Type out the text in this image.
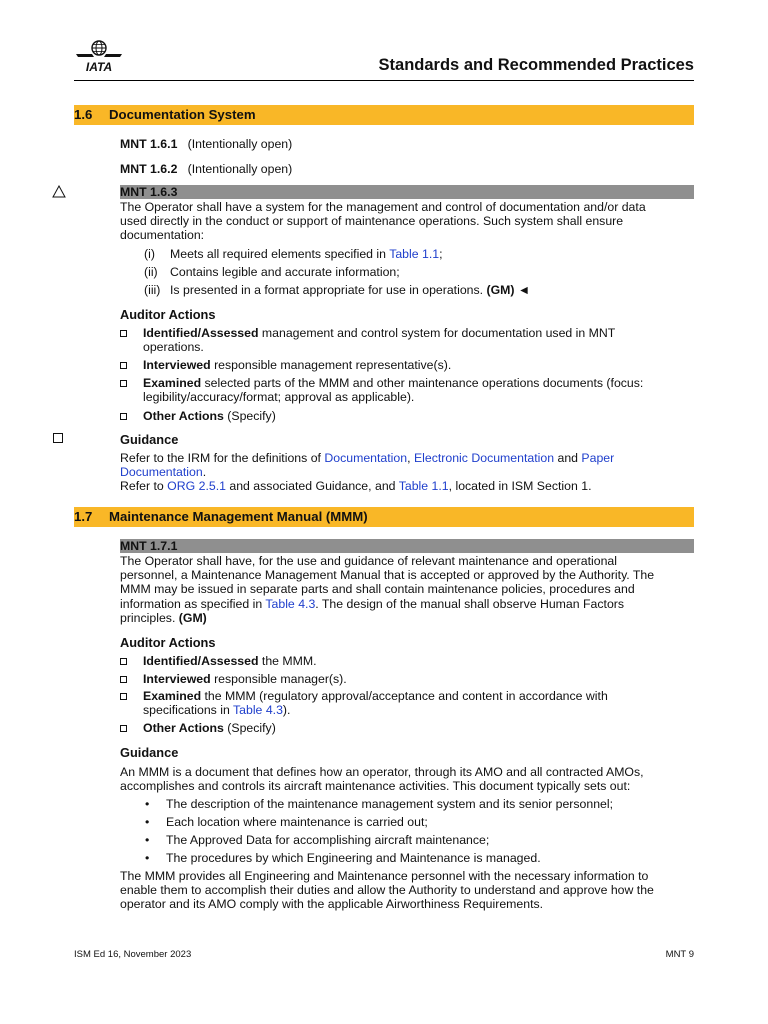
IATA	Standards and Recommended Practices
1.6 Documentation System
MNT 1.6.1 (Intentionally open)
MNT 1.6.2 (Intentionally open)
MNT 1.6.3
The Operator shall have a system for the management and control of documentation and/or data
used directly in the conduct or support of maintenance operations. Such system shall ensure
documentation:
(i) Meets all required elements specified in Table 1.1;
(ii) Contains legible and accurate information;
(iii) Is presented in a format appropriate for use in operations. (GM) ◄
Auditor Actions
Identified/Assessed management and control system for documentation used in MNT
operations.
Interviewed responsible management representative(s).
Examined selected parts of the MMM and other maintenance operations documents (focus:
legibility/accuracy/format; approval as applicable).
Other Actions (Specify)
Guidance
Refer to the IRM for the definitions of Documentation, Electronic Documentation and Paper
Documentation.
Refer to ORG 2.5.1 and associated Guidance, and Table 1.1, located in ISM Section 1.
1.7 Maintenance Management Manual (MMM)
MNT 1.7.1
The Operator shall have, for the use and guidance of relevant maintenance and operational
personnel, a Maintenance Management Manual that is accepted or approved by the Authority. The
MMM may be issued in separate parts and shall contain maintenance policies, procedures and
information as specified in Table 4.3. The design of the manual shall observe Human Factors
principles. (GM)
Auditor Actions
Identified/Assessed the MMM.
Interviewed responsible manager(s).
Examined the MMM (regulatory approval/acceptance and content in accordance with
specifications in Table 4.3).
Other Actions (Specify)
Guidance
An MMM is a document that defines how an operator, through its AMO and all contracted AMOs,
accomplishes and controls its aircraft maintenance activities. This document typically sets out:
• The description of the maintenance management system and its senior personnel;
• Each location where maintenance is carried out;
• The Approved Data for accomplishing aircraft maintenance;
• The procedures by which Engineering and Maintenance is managed.
The MMM provides all Engineering and Maintenance personnel with the necessary information to
enable them to accomplish their duties and allow the Authority to understand and approve how the
operator and its AMO comply with the applicable Airworthiness Requirements.
ISM Ed 16, November 2023	MNT 9
